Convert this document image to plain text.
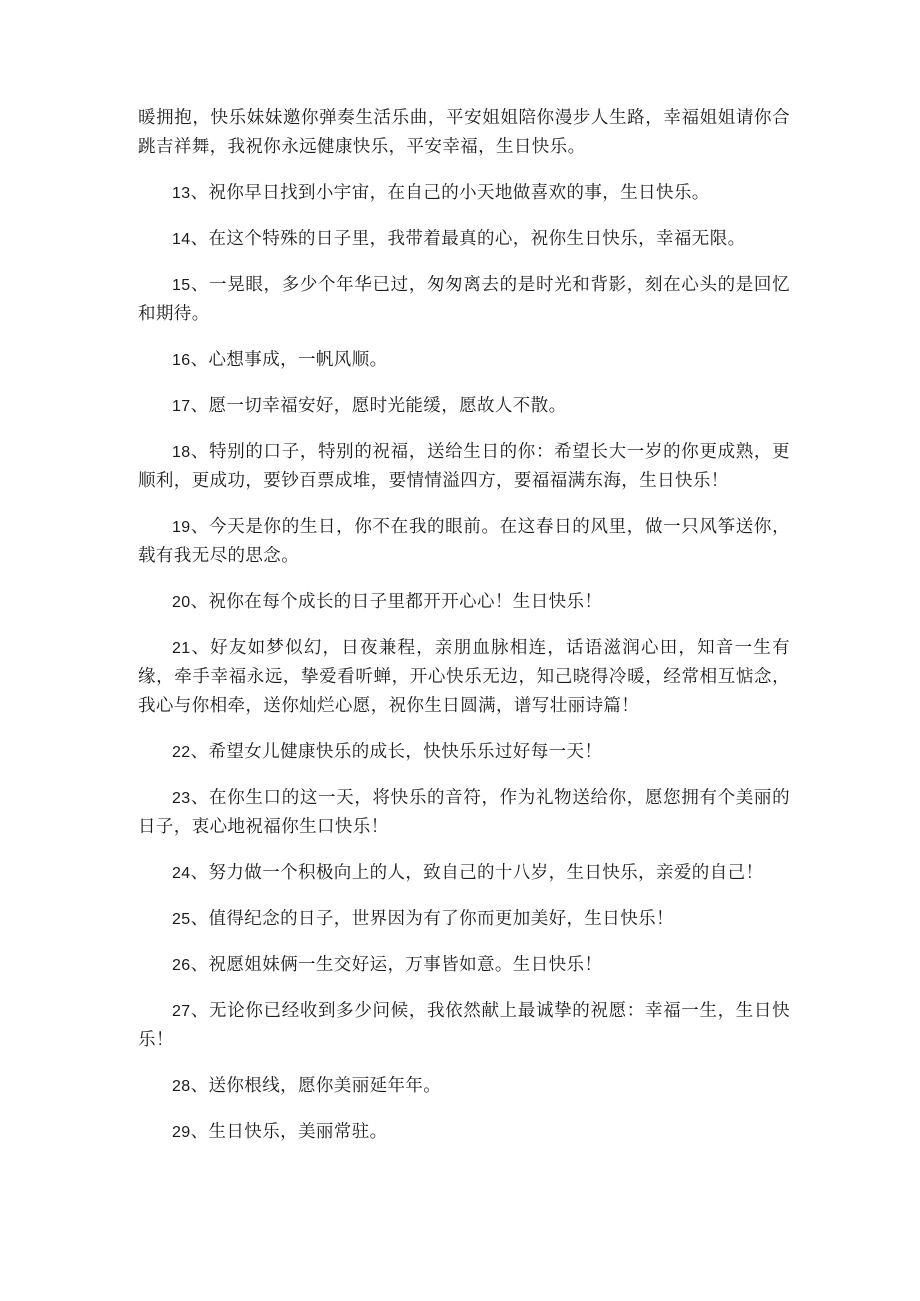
暖拥抱，快乐妹妹邀你弹奏生活乐曲，平安姐姐陪你漫步人生路，幸福姐姐请你合跳吉祥舞，我祝你永远健康快乐，平安幸福，生日快乐。

13、祝你早日找到小宇宙，在自己的小天地做喜欢的事，生日快乐。

14、在这个特殊的日子里，我带着最真的心，祝你生日快乐，幸福无限。

15、一晃眼，多少个年华已过，匆匆离去的是时光和背影，刻在心头的是回忆和期待。

16、心想事成，一帆风顺。

17、愿一切幸福安好，愿时光能缓，愿故人不散。

18、特别的口子，特别的祝福，送给生日的你：希望长大一岁的你更成熟，更顺利，更成功，要钞百票成堆，要情情溢四方，要福福满东海，生日快乐！

19、今天是你的生日，你不在我的眼前。在这春日的风里，做一只风筝送你，载有我无尽的思念。

20、祝你在每个成长的日子里都开开心心！生日快乐！

21、好友如梦似幻，日夜兼程，亲朋血脉相连，话语滋润心田，知音一生有缘，牵手幸福永远，挚爱看听蝉，开心快乐无边，知己晓得冷暖，经常相互惦念，我心与你相牵，送你灿烂心愿，祝你生日圆满，谱写壮丽诗篇！

22、希望女儿健康快乐的成长，快快乐乐过好每一天！

23、在你生口的这一天，将快乐的音符，作为礼物送给你，愿您拥有个美丽的日子，衷心地祝福你生口快乐！

24、努力做一个积极向上的人，致自己的十八岁，生日快乐，亲爱的自己！

25、值得纪念的日子，世界因为有了你而更加美好，生日快乐！

26、祝愿姐妹俩一生交好运，万事皆如意。生日快乐！

27、无论你已经收到多少问候，我依然献上最诚挚的祝愿：幸福一生，生日快乐！

28、送你根线，愿你美丽延年年。

29、生日快乐，美丽常驻。
